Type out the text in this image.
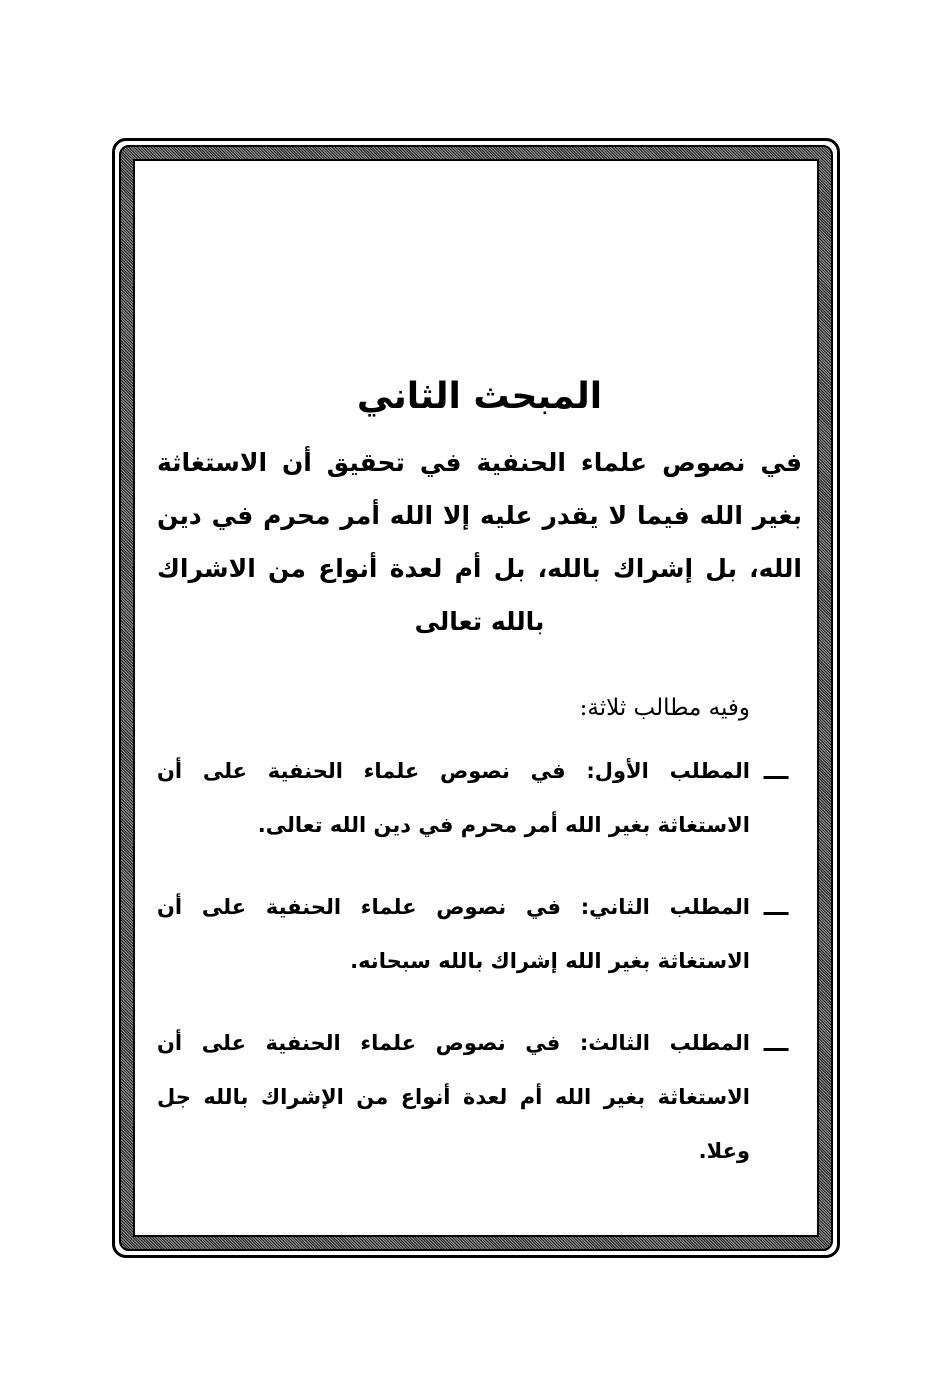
المبحث الثاني

في نصوص علماء الحنفية في تحقيق أن الاستغاثة بغير الله فيما لا يقدر عليه إلا الله أمر محرم في دين الله، بل إشراك بالله، بل أم لعدة أنواع من الاشراك بالله تعالى

وفيه مطالب ثلاثة:

ـــ
المطلب الأول: في نصوص علماء الحنفية على أن الاستغاثة بغير الله أمر محرم في دين الله تعالى.
ـــ
المطلب الثاني: في نصوص علماء الحنفية على أن الاستغاثة بغير الله إشراك بالله سبحانه.
ـــ
المطلب الثالث: في نصوص علماء الحنفية على أن الاستغاثة بغير الله أم لعدة أنواع من الإشراك بالله جل وعلا.
